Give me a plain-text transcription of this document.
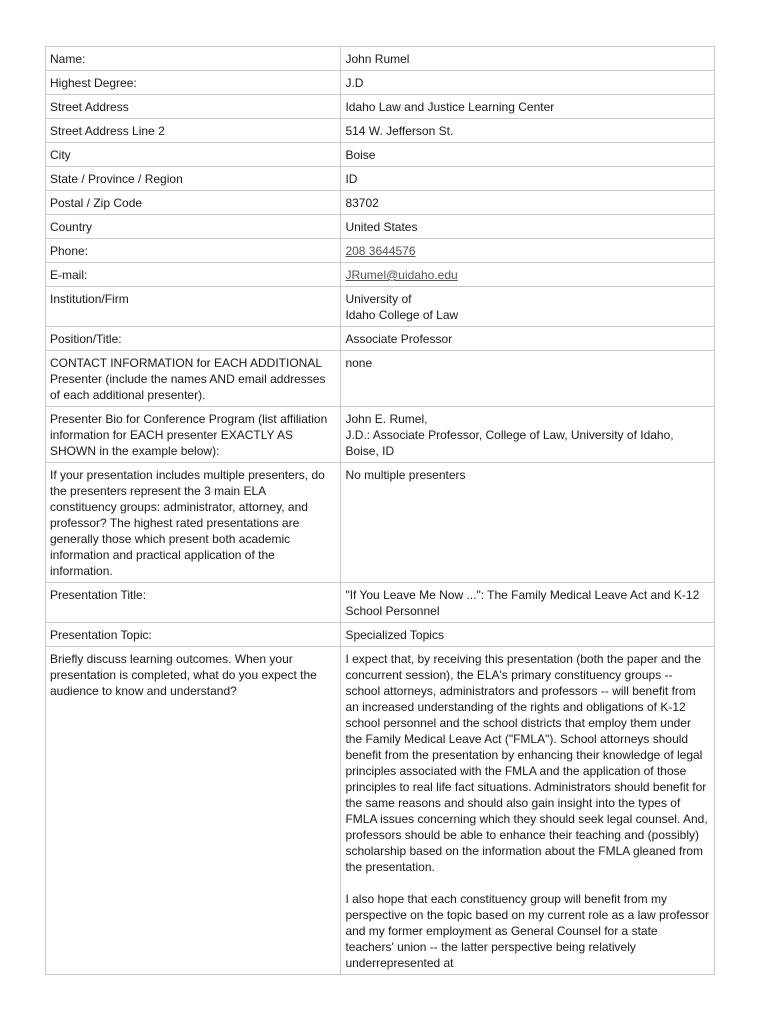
Name:	John Rumel
Highest Degree:	J.D
Street Address	Idaho Law and Justice Learning Center
Street Address Line 2	514 W. Jefferson St.
City	Boise
State / Province / Region	ID
Postal / Zip Code	83702
Country	United States
Phone:	208 3644576
E-mail:	JRumel@uidaho.edu
Institution/Firm	University of
Idaho College of Law
Position/Title:	Associate Professor
CONTACT INFORMATION for EACH ADDITIONAL Presenter (include the names AND email addresses of each additional presenter).	none
Presenter Bio for Conference Program (list affiliation information for EACH presenter EXACTLY AS SHOWN in the example below):	John E. Rumel,
J.D.: Associate Professor, College of Law, University of Idaho, Boise, ID
If your presentation includes multiple presenters, do the presenters represent the 3 main ELA constituency groups: administrator, attorney, and professor? The highest rated presentations are generally those which present both academic information and practical application of the information.	No multiple presenters
Presentation Title:	"If You Leave Me Now ...": The Family Medical Leave Act and K-12 School Personnel
Presentation Topic:	Specialized Topics
Briefly discuss learning outcomes. When your presentation is completed, what do you expect the audience to know and understand?	I expect that, by receiving this presentation (both the paper and the concurrent session), the ELA's primary constituency groups -- school attorneys, administrators and professors -- will benefit from an increased understanding of the rights and obligations of K-12 school personnel and the school districts that employ them under the Family Medical Leave Act ("FMLA"). School attorneys should benefit from the presentation by enhancing their knowledge of legal principles associated with the FMLA and the application of those principles to real life fact situations. Administrators should benefit for the same reasons and should also gain insight into the types of FMLA issues concerning which they should seek legal counsel. And, professors should be able to enhance their teaching and (possibly) scholarship based on the information about the FMLA gleaned from the presentation.
I also hope that each constituency group will benefit from my perspective on the topic based on my current role as a law professor and my former employment as General Counsel for a state teachers' union -- the latter perspective being relatively underrepresented at
